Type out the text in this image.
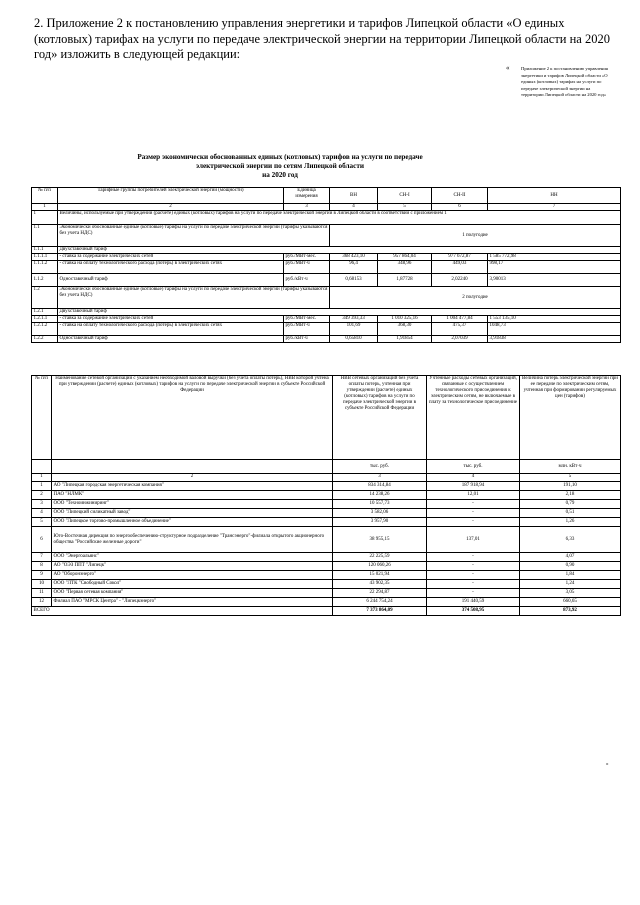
2. Приложение 2 к постановлению управления энергетики и тарифов Липецкой области «О единых (котловых) тарифах на услуги по передаче электрической энергии на территории Липецкой области на 2020 год» изложить в следующей редакции:
«	Приложение 2 к постановлению управления энергетики и тарифов Липецкой области «О единых (котловых) тарифах на услуги по передаче электрической энергии на территории Липецкой области на 2020 год»
Размер экономически обоснованных единых (котловых) тарифов на услуги по передаче
электрической энергии по сетям Липецкой области
на 2020 год
№ п/п	Тарифные группы потребителей электрической энергии (мощности)	Единица измерения	ВН	СН-I	СН-II	НН
1	2	3	4	5	6	7
1	Величины, используемые при утверждении (расчете) единых (котловых) тарифов на услуги по передаче электрической энергии в Липецкой области в соответствии с приложением 1					
1.1	Экономически обоснованные единые (котловые) тарифы на услуги по передаче электрической энергии (тарифы указываются без учета НДС)		1 полугодие			
1.1.1	Двухставочный тариф					
1.1.1.1	- ставка за содержание электрических сетей	руб./МВт·мес.	368 423,10	957 864,04	977 672,87	1 585 772,98
1.1.1.2	- ставка на оплату технологического расхода (потерь) в электрических сетях	руб./МВт·ч	96,4	348,96	449,03	998,17
1.1.2	Одноставочный тариф	руб./кВт·ч	0,68153	1,87728	2,02240	3,90013
1.2	Экономически обоснованные единые (котловые) тарифы на услуги по передаче электрической энергии (тарифы указываются без учета НДС)		2 полугодие			
1.2.1	Двухставочный тариф					
1.2.1.1	- ставка за содержание электрических сетей	руб./МВт·мес.	349 393,33	1 010 325,16	1 004 477,84	1 553 135,10
1.2.1.2	- ставка на оплату технологического расхода (потерь) в электрических сетях	руб./МВт·ч	101,69	368,30	475,37	1048,73
1.2.2	Одноставочный тариф	руб./кВт·ч	0,65810	1,91854	2,07039	3,91838
№ п/п	Наименование сетевой организации с указанием необходимой валовой выручки (без учета оплаты потерь), НВВ которой учтена при утверждении (расчете) единых (котловых) тарифов на услуги по передаче электрической энергии в субъекте Российской Федерации	НВВ сетевых организаций без учета оплаты потерь, учтенная при утверждении (расчете) единых (котловых) тарифов на услуги по передаче электрической энергии в субъекте Российской Федерации	Учтенные расходы сетевых организаций, связанные с осуществлением технологического присоединения к электрическим сетям, не включаемые в плату за технологическое присоединение	Величина потерь электрической энергии при ее передаче по электрическим сетям, учтенная при формировании регулируемых цен (тарифов)
		тыс. руб.	тыс. руб.	млн. кВт·ч
1	2	3	4	5
1	АО "Липецкая городская энергетическая компания"	834 314,84	187 918,94	191,10
2	ПАО "НЛМК"	14 238,26	12,01	2,18
3	ООО "Техноинжиниринг"	10 557,73	-	0,79
4	ООО "Липецкий силикатный завод"	3 582,06	-	0,51
5	ООО "Липецкое торгово-промышленное объединение"	3 957,90	-	1,26
6	Юго-Восточная дирекция по энергообеспечению-структурное подразделение "Трансэнерго"-филиала открытого акционерного общества "Российские железные дороги"	38 955,15	137,01	6,33
7	ООО "Энергоальянс"	22 225,59	-	4,07
8	АО "ОЭЗ ППТ "Липецк"	120 060,26	-	0,90
9	АО "Оборонэнерго"	15 021,94	-	1,84
10	ООО "ЛТК "Свободный Сокол"	43 902,35	-	1,24
11	ООО "Первая сетевая компания"	22 294,87	-	3,05
12	Филиал ПАО "МРСК Центра" - "Липецкэнерго"	6 244 754,24	191 440,59	660,65
ВСЕГО		7 373 864,09	374 508,95	873,92
»
